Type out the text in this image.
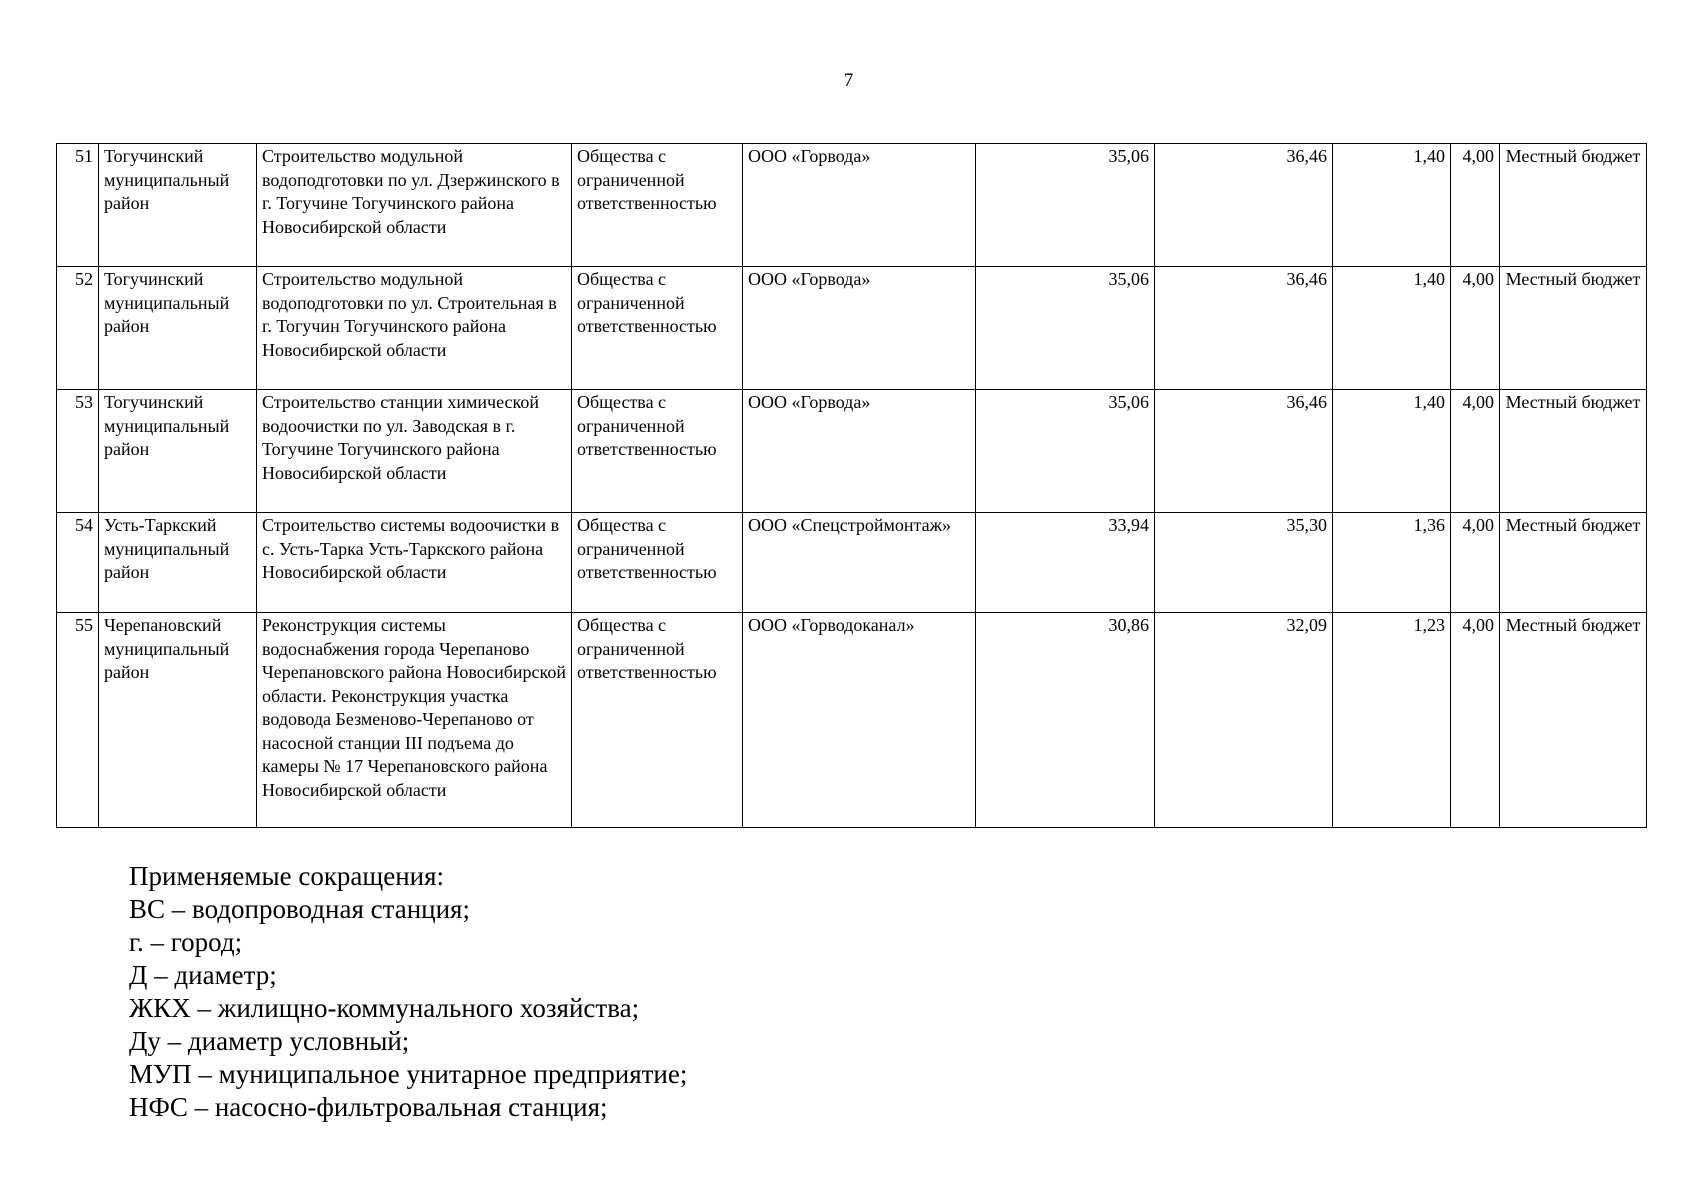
7
51	Тогучинский муниципальный район	Строительство модульной водоподготовки по ул. Дзержинского в г. Тогучине Тогучинского района Новосибирской области	Общества с ограниченной ответственностью	ООО «Горвода»	35,06	36,46	1,40	4,00	Местный бюджет
52	Тогучинский муниципальный район	Строительство модульной водоподготовки по ул. Строительная в г. Тогучин Тогучинского района Новосибирской области	Общества с ограниченной ответственностью	ООО «Горвода»	35,06	36,46	1,40	4,00	Местный бюджет
53	Тогучинский муниципальный район	Строительство станции химической водоочистки по ул. Заводская в г. Тогучине Тогучинского района Новосибирской области	Общества с ограниченной ответственностью	ООО «Горвода»	35,06	36,46	1,40	4,00	Местный бюджет
54	Усть-Таркский муниципальный район	Строительство системы водоочистки в с. Усть-Тарка Усть-Таркского района Новосибирской области	Общества с ограниченной ответственностью	ООО «Спецстроймонтаж»	33,94	35,30	1,36	4,00	Местный бюджет
55	Черепановский муниципальный район	Реконструкция системы водоснабжения города Черепаново Черепановского района Новосибирской области. Реконструкция участка водовода Безменово-Черепаново от насосной станции III подъема до камеры № 17 Черепановского района Новосибирской области	Общества с ограниченной ответственностью	ООО «Горводоканал»	30,86	32,09	1,23	4,00	Местный бюджет
Применяемые сокращения:
ВС – водопроводная станция;
г. – город;
Д – диаметр;
ЖКХ – жилищно-коммунального хозяйства;
Ду – диаметр условный;
МУП – муниципальное унитарное предприятие;
НФС – насосно-фильтровальная станция;
